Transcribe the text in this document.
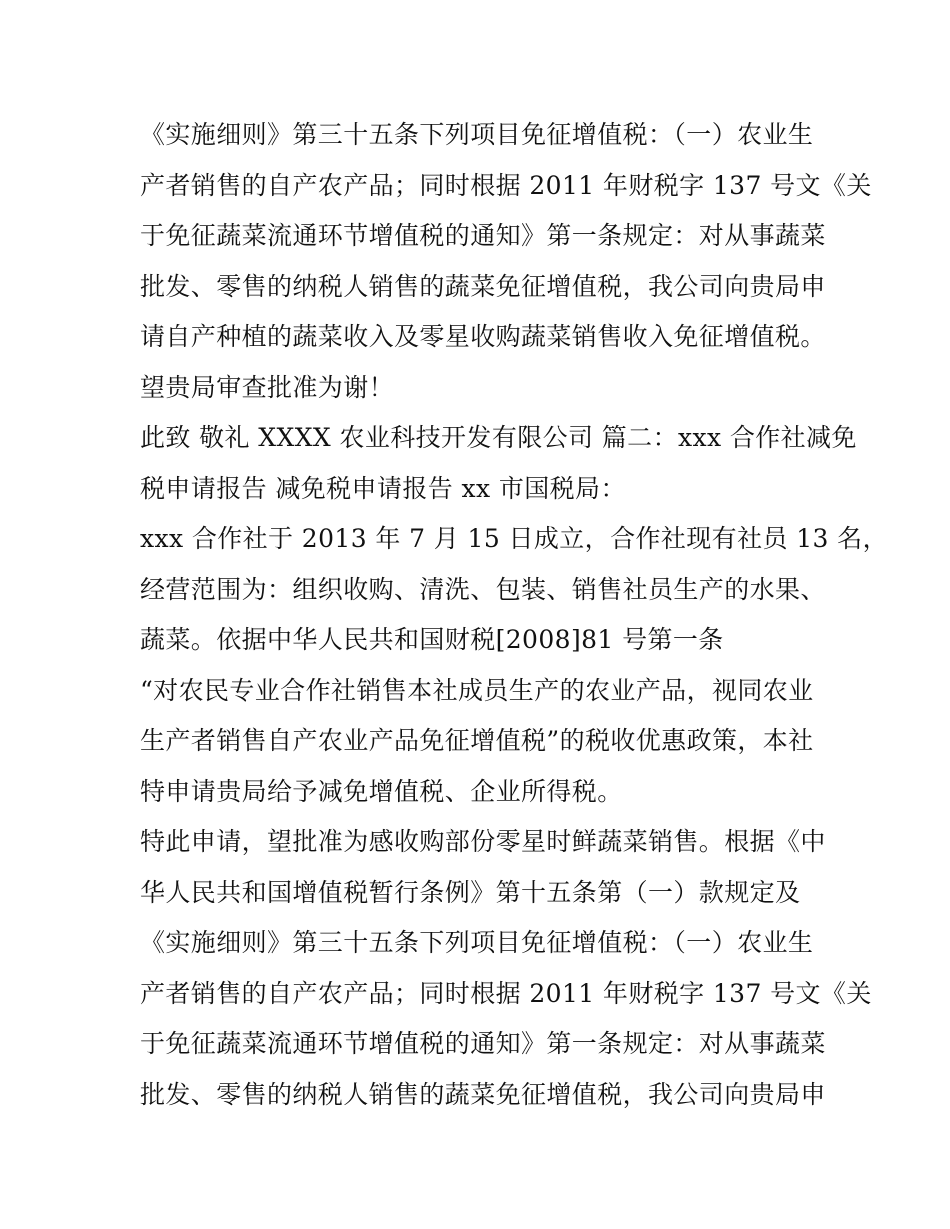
《实施细则》第三十五条下列项目免征增值税：（一）农业生
产者销售的自产农产品；同时根据 2011 年财税字 137 号文《关
于免征蔬菜流通环节增值税的通知》第一条规定：对从事蔬菜
批发、零售的纳税人销售的蔬菜免征增值税，我公司向贵局申
请自产种植的蔬菜收入及零星收购蔬菜销售收入免征增值税。
望贵局审查批准为谢！
此致 敬礼 XXXX 农业科技开发有限公司 篇二：xxx 合作社减免
税申请报告 减免税申请报告 xx 市国税局：
xxx 合作社于 2013 年 7 月 15 日成立，合作社现有社员 13 名，
经营范围为：组织收购、清洗、包装、销售社员生产的水果、
蔬菜。依据中华人民共和国财税[2008]81 号第一条
“对农民专业合作社销售本社成员生产的农业产品，视同农业
生产者销售自产农业产品免征增值税”的税收优惠政策，本社
特申请贵局给予减免增值税、企业所得税。
特此申请，望批准为感收购部份零星时鲜蔬菜销售。根据《中
华人民共和国增值税暂行条例》第十五条第（一）款规定及
《实施细则》第三十五条下列项目免征增值税：（一）农业生
产者销售的自产农产品；同时根据 2011 年财税字 137 号文《关
于免征蔬菜流通环节增值税的通知》第一条规定：对从事蔬菜
批发、零售的纳税人销售的蔬菜免征增值税，我公司向贵局申
